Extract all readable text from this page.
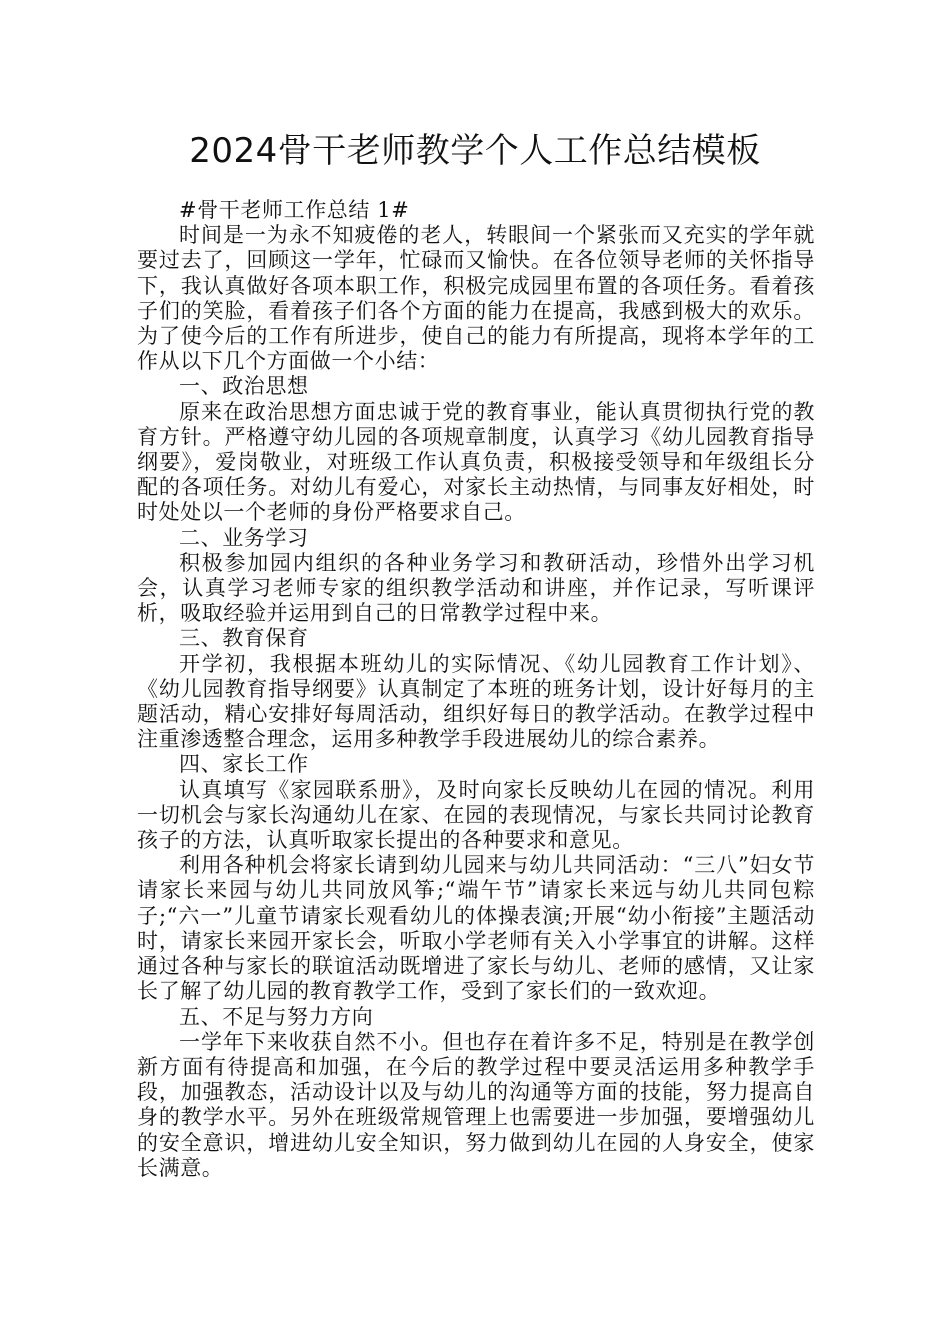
2024骨干老师教学个人工作总结模板

#骨干老师工作总结 1#

时间是一为永不知疲倦的老人，转眼间一个紧张而又充实的学年就要过去了，回顾这一学年，忙碌而又愉快。在各位领导老师的关怀指导下，我认真做好各项本职工作，积极完成园里布置的各项任务。看着孩子们的笑脸，看着孩子们各个方面的能力在提高，我感到极大的欢乐。为了使今后的工作有所进步，使自己的能力有所提高，现将本学年的工作从以下几个方面做一个小结：

一、政治思想

原来在政治思想方面忠诚于党的教育事业，能认真贯彻执行党的教育方针。严格遵守幼儿园的各项规章制度，认真学习《幼儿园教育指导纲要》，爱岗敬业，对班级工作认真负责，积极接受领导和年级组长分配的各项任务。对幼儿有爱心，对家长主动热情，与同事友好相处，时时处处以一个老师的身份严格要求自己。

二、业务学习

积极参加园内组织的各种业务学习和教研活动，珍惜外出学习机会，认真学习老师专家的组织教学活动和讲座，并作记录，写听课评析，吸取经验并运用到自己的日常教学过程中来。

三、教育保育

开学初，我根据本班幼儿的实际情况、《幼儿园教育工作计划》、《幼儿园教育指导纲要》认真制定了本班的班务计划，设计好每月的主题活动，精心安排好每周活动，组织好每日的教学活动。在教学过程中注重渗透整合理念，运用多种教学手段进展幼儿的综合素养。

四、家长工作

认真填写《家园联系册》，及时向家长反映幼儿在园的情况。利用一切机会与家长沟通幼儿在家、在园的表现情况，与家长共同讨论教育孩子的方法，认真听取家长提出的各种要求和意见。

利用各种机会将家长请到幼儿园来与幼儿共同活动：“三八”妇女节请家长来园与幼儿共同放风筝;“端午节”请家长来远与幼儿共同包粽子;“六一”儿童节请家长观看幼儿的体操表演;开展“幼小衔接”主题活动时，请家长来园开家长会，听取小学老师有关入小学事宜的讲解。这样通过各种与家长的联谊活动既增进了家长与幼儿、老师的感情，又让家长了解了幼儿园的教育教学工作，受到了家长们的一致欢迎。

五、不足与努力方向

一学年下来收获自然不小。但也存在着许多不足，特别是在教学创新方面有待提高和加强，在今后的教学过程中要灵活运用多种教学手段，加强教态，活动设计以及与幼儿的沟通等方面的技能，努力提高自身的教学水平。另外在班级常规管理上也需要进一步加强，要增强幼儿的安全意识，增进幼儿安全知识，努力做到幼儿在园的人身安全，使家长满意。
